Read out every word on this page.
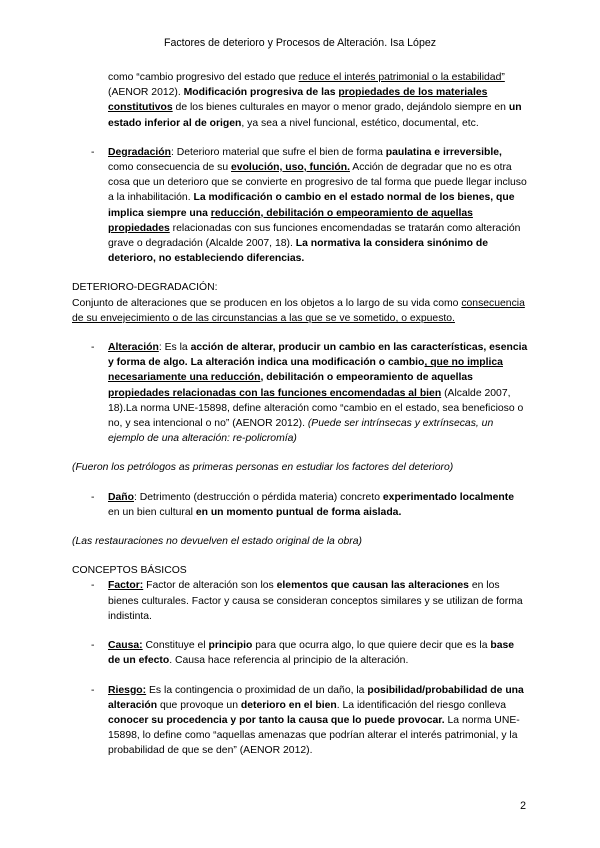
Factores de deterioro y Procesos de Alteración. Isa López

como “cambio progresivo del estado que reduce el interés patrimonial o la estabilidad” (AENOR 2012). Modificación progresiva de las propiedades de los materiales constitutivos de los bienes culturales en mayor o menor grado, dejándolo siempre en un estado inferior al de origen, ya sea a nivel funcional, estético, documental, etc.

- Degradación: Deterioro material que sufre el bien de forma paulatina e irreversible, como consecuencia de su evolución, uso, función. Acción de degradar que no es otra cosa que un deterioro que se convierte en progresivo de tal forma que puede llegar incluso a la inhabilitación. La modificación o cambio en el estado normal de los bienes, que implica siempre una reducción, debilitación o empeoramiento de aquellas propiedades relacionadas con sus funciones encomendadas se tratarán como alteración grave o degradación (Alcalde 2007, 18). La normativa la considera sinónimo de deterioro, no estableciendo diferencias.

DETERIORO-DEGRADACIÓN:

Conjunto de alteraciones que se producen en los objetos a lo largo de su vida como consecuencia de su envejecimiento o de las circunstancias a las que se ve sometido, o expuesto.

- Alteración: Es la acción de alterar, producir un cambio en las características, esencia y forma de algo. La alteración indica una modificación o cambio, que no implica necesariamente una reducción, debilitación o empeoramiento de aquellas propiedades relacionadas con las funciones encomendadas al bien (Alcalde 2007, 18).La norma UNE-15898, define alteración como “cambio en el estado, sea beneficioso o no, y sea intencional o no” (AENOR 2012). (Puede ser intrínsecas y extrínsecas, un ejemplo de una alteración: re-policromía)

(Fueron los petrólogos as primeras personas en estudiar los factores del deterioro)

- Daño: Detrimento (destrucción o pérdida materia) concreto experimentado localmente en un bien cultural en un momento puntual de forma aislada.

(Las restauraciones no devuelven el estado original de la obra)

CONCEPTOS BÁSICOS

- Factor: Factor de alteración son los elementos que causan las alteraciones en los bienes culturales. Factor y causa se consideran conceptos similares y se utilizan de forma indistinta.

- Causa: Constituye el principio para que ocurra algo, lo que quiere decir que es la base de un efecto. Causa hace referencia al principio de la alteración.

- Riesgo: Es la contingencia o proximidad de un daño, la posibilidad/probabilidad de una alteración que provoque un deterioro en el bien. La identificación del riesgo conlleva conocer su procedencia y por tanto la causa que lo puede provocar. La norma UNE-15898, lo define como “aquellas amenazas que podrían alterar el interés patrimonial, y la probabilidad de que se den” (AENOR 2012).

2
